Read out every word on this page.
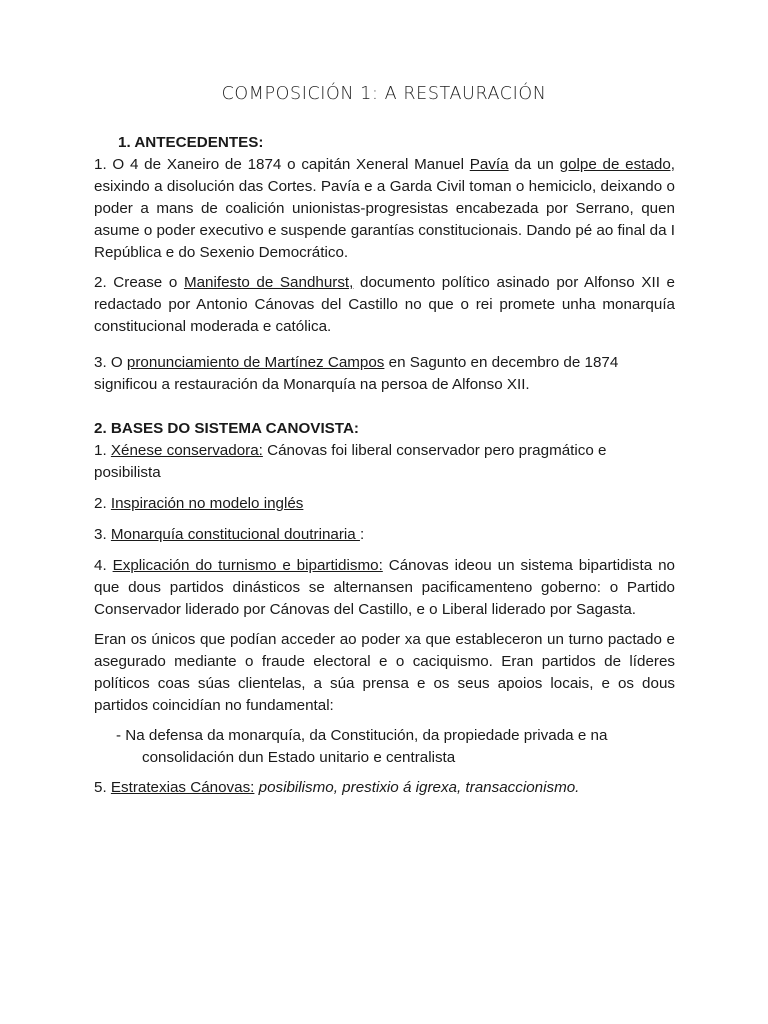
COMPOSICIÓN 1: A RESTAURACIÓN
1. ANTECEDENTES:

1. O 4 de Xaneiro de 1874 o capitán Xeneral Manuel Pavía da un golpe de estado, esixindo a disolución das Cortes. Pavía e a Garda Civil toman o hemiciclo, deixando o poder a mans de coalición unionistas-progresistas encabezada por Serrano, quen asume o poder executivo e suspende garantías constitucionais. Dando pé ao final da I República e do Sexenio Democrático.

2. Crease o Manifesto de Sandhurst, documento político asinado por Alfonso XII e redactado por Antonio Cánovas del Castillo no que o rei promete unha monarquía constitucional moderada e católica.

3. O pronunciamiento de Martínez Campos en Sagunto en decembro de 1874 significou a restauración da Monarquía na persoa de Alfonso XII.

2. BASES DO SISTEMA CANOVISTA:

1. Xénese conservadora: Cánovas foi liberal conservador pero pragmático e posibilista

2. Inspiración no modelo inglés

3. Monarquía constitucional doutrinaria :

4. Explicación do turnismo e bipartidismo: Cánovas ideou un sistema bipartidista no que dous partidos dinásticos se alternansen pacificamenteno goberno: o Partido Conservador liderado por Cánovas del Castillo, e o Liberal liderado por Sagasta.

Eran os únicos que podían acceder ao poder xa que estableceron un turno pactado e asegurado mediante o fraude electoral e o caciquismo. Eran partidos de líderes políticos coas súas clientelas, a súa prensa e os seus apoios locais, e os dous partidos coincidían no fundamental:

- Na defensa da monarquía, da Constitución, da propiedade privada e na
consolidación dun Estado unitario e centralista

5. Estratexias Cánovas: posibilismo, prestixio á igrexa, transaccionismo.
